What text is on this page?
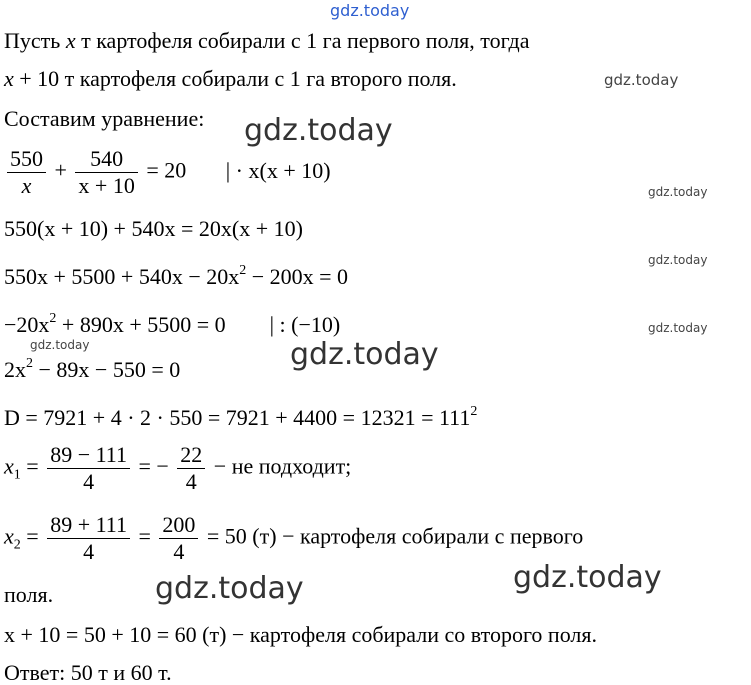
gdz.today
gdz.today
gdz.today
gdz.today
gdz.today
gdz.today
gdz.today	gdz.today
gdz.today
gdz.today
Пусть x т картофеля собирали с 1 га первого поля, тогда
x + 10 т картофеля собирали с 1 га второго поля.
Составим уравнение:
$\frac{550}{x} + \frac{540}{x + 10} = 20$ | · x(x + 10)
550(x + 10) + 540x = 20x(x + 10)
$550x + 5500 + 540x - 20x^2 - 200x = 0$
$-20x^2 + 890x + 5500 = 0$ | : (−10)
$2x^2 - 89x - 550 = 0$
$D = 7921 + 4 \cdot 2 \cdot 550 = 7921 + 4400 = 12321 = 111^2$
$x_1 = \frac{89 - 111}{4}$ = − $\frac{22}{4}$ − не подходит;
$x_2 = \frac{89 + 111}{4} = \frac{200}{4} = 50$ (т) − картофеля собирали с первого
поля.
x + 10 = 50 + 10 = 60 (т) − картофеля собирали со второго поля.
Ответ: 50 т и 60 т.
